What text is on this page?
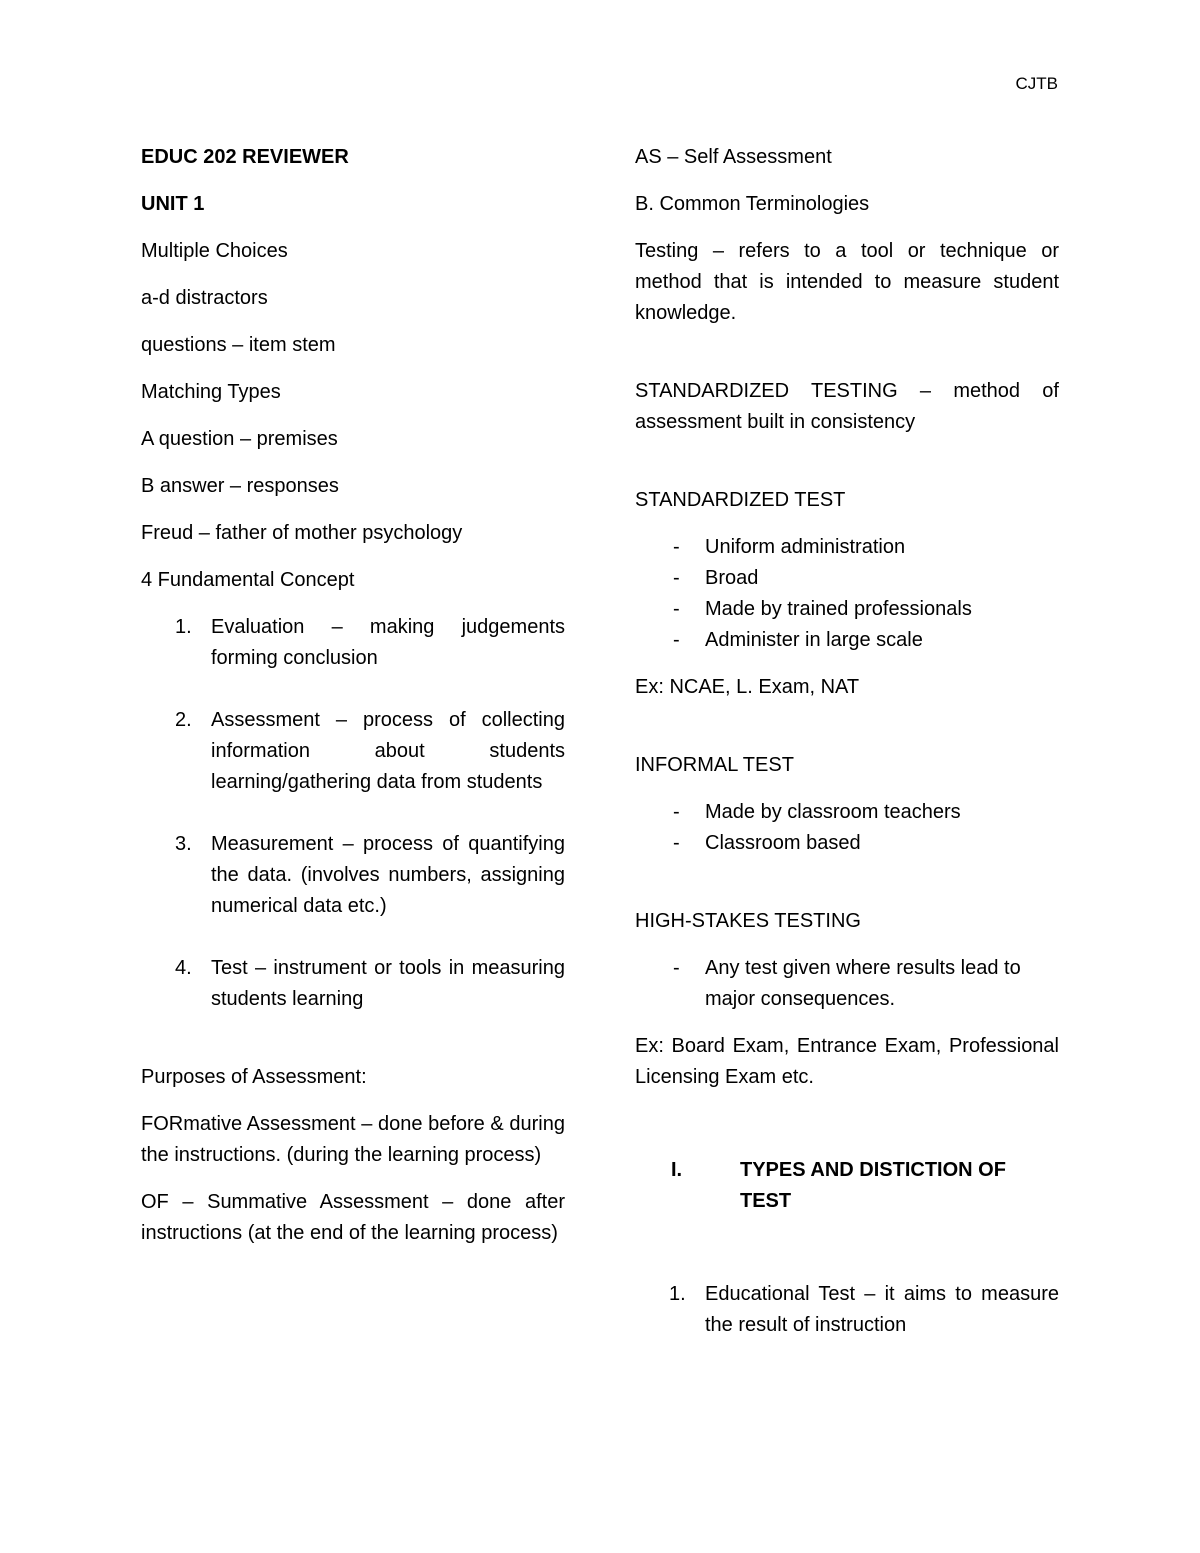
CJTB

EDUC 202 REVIEWER

UNIT 1

Multiple Choices

a-d distractors

questions – item stem

Matching Types

A question – premises

B answer – responses

Freud – father of mother psychology

4 Fundamental Concept

1. Evaluation – making judgements forming conclusion

2. Assessment – process of collecting information about students learning/gathering data from students

3. Measurement – process of quantifying the data. (involves numbers, assigning numerical data etc.)

4. Test – instrument or tools in measuring students learning

Purposes of Assessment:

FORmative Assessment – done before & during the instructions. (during the learning process)

OF – Summative Assessment – done after instructions (at the end of the learning process)

AS – Self Assessment

B. Common Terminologies

Testing – refers to a tool or technique or method that is intended to measure student knowledge.

STANDARDIZED TESTING – method of assessment built in consistency

STANDARDIZED TEST

- Uniform administration

- Broad

- Made by trained professionals

- Administer in large scale

Ex: NCAE, L. Exam, NAT

INFORMAL TEST

- Made by classroom teachers

- Classroom based

HIGH-STAKES TESTING

- Any test given where results lead to major consequences.

Ex: Board Exam, Entrance Exam, Professional Licensing Exam etc.

I.	TYPES AND DISTICTION OF TEST

1. Educational Test – it aims to measure the result of instruction
